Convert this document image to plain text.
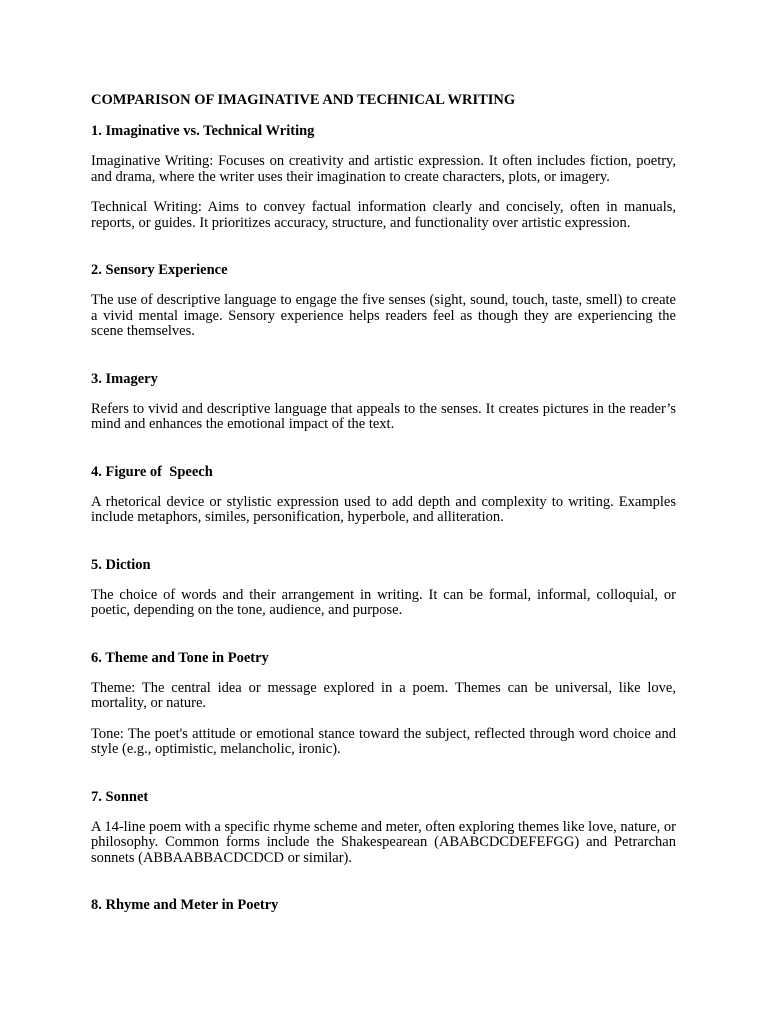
COMPARISON OF IMAGINATIVE AND TECHNICAL WRITING
1. Imaginative vs. Technical Writing

Imaginative Writing: Focuses on creativity and artistic expression. It often includes fiction, poetry, and drama, where the writer uses their imagination to create characters, plots, or imagery.

Technical Writing: Aims to convey factual information clearly and concisely, often in manuals, reports, or guides. It prioritizes accuracy, structure, and functionality over artistic expression.

2. Sensory Experience

The use of descriptive language to engage the five senses (sight, sound, touch, taste, smell) to create a vivid mental image. Sensory experience helps readers feel as though they are experiencing the scene themselves.

3. Imagery

Refers to vivid and descriptive language that appeals to the senses. It creates pictures in the reader’s mind and enhances the emotional impact of the text.

4. Figure of  Speech

A rhetorical device or stylistic expression used to add depth and complexity to writing. Examples include metaphors, similes, personification, hyperbole, and alliteration.

5. Diction

The choice of words and their arrangement in writing. It can be formal, informal, colloquial, or poetic, depending on the tone, audience, and purpose.

6. Theme and Tone in Poetry

Theme: The central idea or message explored in a poem. Themes can be universal, like love, mortality, or nature.

Tone: The poet's attitude or emotional stance toward the subject, reflected through word choice and style (e.g., optimistic, melancholic, ironic).

7. Sonnet

A 14-line poem with a specific rhyme scheme and meter, often exploring themes like love, nature, or philosophy. Common forms include the Shakespearean (ABABCDCDEFEFGG) and Petrarchan sonnets (ABBAABBACDCDCD or similar).

8. Rhyme and Meter in Poetry
